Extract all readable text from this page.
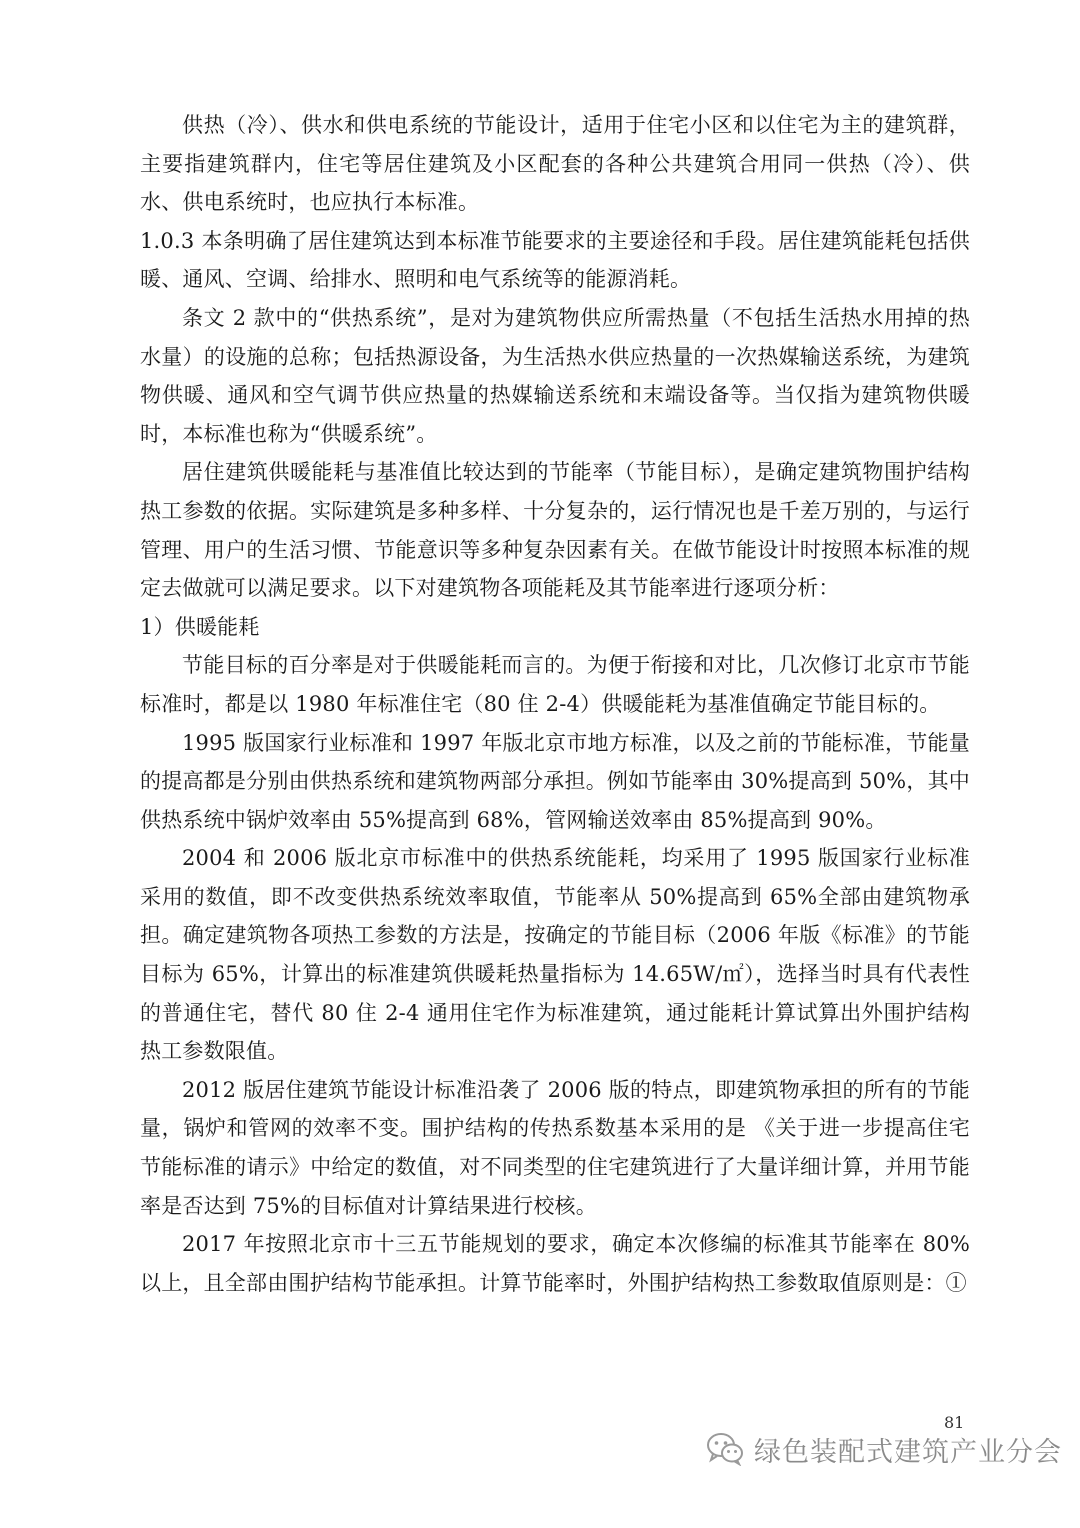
供热（冷）、供水和供电系统的节能设计，适用于住宅小区和以住宅为主的建筑群，主要指建筑群内，住宅等居住建筑及小区配套的各种公共建筑合用同一供热（冷）、供水、供电系统时，也应执行本标准。

1.0.3 本条明确了居住建筑达到本标准节能要求的主要途径和手段。居住建筑能耗包括供暖、通风、空调、给排水、照明和电气系统等的能源消耗。

条文 2 款中的“供热系统”，是对为建筑物供应所需热量（不包括生活热水用掉的热水量）的设施的总称；包括热源设备，为生活热水供应热量的一次热媒输送系统，为建筑物供暖、通风和空气调节供应热量的热媒输送系统和末端设备等。当仅指为建筑物供暖时，本标准也称为“供暖系统”。

居住建筑供暖能耗与基准值比较达到的节能率（节能目标），是确定建筑物围护结构热工参数的依据。实际建筑是多种多样、十分复杂的，运行情况也是千差万别的，与运行管理、用户的生活习惯、节能意识等多种复杂因素有关。在做节能设计时按照本标准的规定去做就可以满足要求。以下对建筑物各项能耗及其节能率进行逐项分析：

1）供暖能耗

节能目标的百分率是对于供暖能耗而言的。为便于衔接和对比，几次修订北京市节能标准时，都是以 1980 年标准住宅（80 住 2-4）供暖能耗为基准值确定节能目标的。

1995 版国家行业标准和 1997 年版北京市地方标准，以及之前的节能标准，节能量的提高都是分别由供热系统和建筑物两部分承担。例如节能率由 30%提高到 50%，其中供热系统中锅炉效率由 55%提高到 68%，管网输送效率由 85%提高到 90%。

2004 和 2006 版北京市标准中的供热系统能耗，均采用了 1995 版国家行业标准采用的数值，即不改变供热系统效率取值，节能率从 50%提高到 65%全部由建筑物承担。确定建筑物各项热工参数的方法是，按确定的节能目标（2006 年版《标准》的节能目标为 65%，计算出的标准建筑供暖耗热量指标为 14.65W/㎡），选择当时具有代表性的普通住宅，替代 80 住 2-4 通用住宅作为标准建筑，通过能耗计算试算出外围护结构热工参数限值。

2012 版居住建筑节能设计标准沿袭了 2006 版的特点，即建筑物承担的所有的节能量，锅炉和管网的效率不变。围护结构的传热系数基本采用的是 《关于进一步提高住宅节能标准的请示》中给定的数值，对不同类型的住宅建筑进行了大量详细计算，并用节能率是否达到 75%的目标值对计算结果进行校核。

2017 年按照北京市十三五节能规划的要求，确定本次修编的标准其节能率在 80%以上，且全部由围护结构节能承担。计算节能率时，外围护结构热工参数取值原则是：①

81
绿色装配式建筑产业分会
